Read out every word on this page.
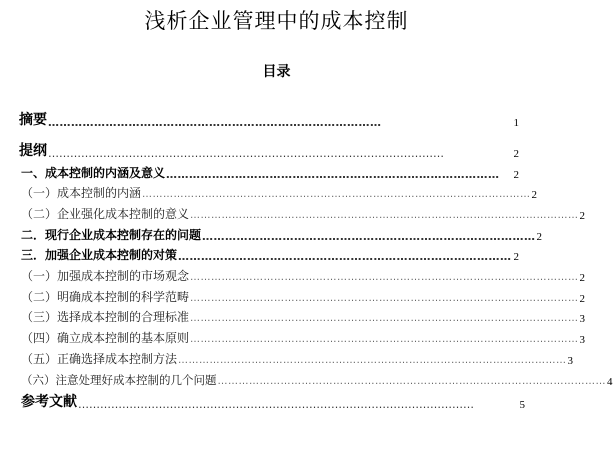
浅析企业管理中的成本控制
目录
摘要 ……………………………………………………………………………	1
提纲 ………………………………………………………………………………………………	2
一、成本控制的内涵及意义 ……………………………………………………………………………	2
（一）成本控制的内涵 ………………………………………………………………………………………………… 2
（二）企业强化成本控制的意义 ………………………………………………………………………………………………… 2
二．现行企业成本控制存在的问题 …………………………………………………………………………… 2
三．加强企业成本控制的对策 …………………………………………………………………………… 2
（一）加强成本控制的市场观念 ………………………………………………………………………………………………… 2
（二）明确成本控制的科学范畴 ………………………………………………………………………………………………… 2
（三）选择成本控制的合理标准 ………………………………………………………………………………………………… 3
（四）确立成本控制的基本原则 ………………………………………………………………………………………………… 3
（五）正确选择成本控制方法 ………………………………………………………………………………………………… 3
（六）注意处理好成本控制的几个问题 ………………………………………………………………………………………………… 4
参考文献 ………………………………………………………………………………………………	5
